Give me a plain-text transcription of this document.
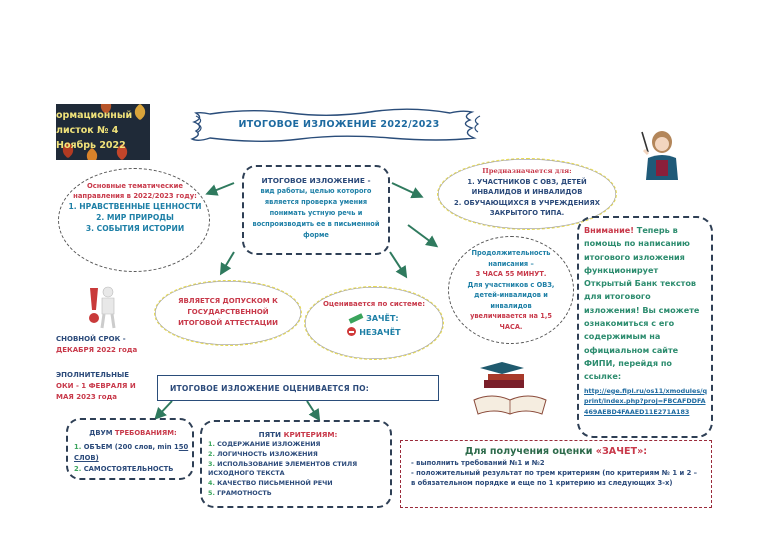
ормационный
листок № 4
Ноябрь 2022
ИТОГОВОЕ ИЗЛОЖЕНИЕ 2022/2023
Основные тематические направления в 2022/2023 году:
1. НРАВСТВЕННЫЕ ЦЕННОСТИ
2. МИР ПРИРОДЫ
3. СОБЫТИЯ ИСТОРИИ
ИТОГОВОЕ ИЗЛОЖЕНИЕ -
вид работы, целью которого является проверка умения понимать устную речь и воспроизводить ее в письменной форме
Предназначается для:
1. УЧАСТНИКОВ С ОВЗ, ДЕТЕЙ ИНВАЛИДОВ И ИНВАЛИДОВ
2. ОБУЧАЮЩИХСЯ В УЧРЕЖДЕНИЯХ ЗАКРЫТОГО ТИПА.
Продолжительность написания –
3 ЧАСА 55 МИНУТ.
Для участников с ОВЗ, детей-инвалидов и инвалидов
увеличивается на 1,5 ЧАСА.
Внимание! Теперь в помощь по написанию итогового изложения функционирует Открытый Банк текстов для итогового изложения! Вы сможете ознакомиться с его содержимым на официальном сайте ФИПИ, перейдя по ссылке:
http://ege.fipi.ru/os11/xmodules/qprint/index.php?proj=FBCAFDDFA469AEBD4FAAED11E271A183
СНОВНОЙ СРОК -
ДЕКАБРЯ 2022 года
ЭПОЛНИТЕЛЬНЫЕ
ОКИ - 1 ФЕВРАЛЯ И
МАЯ 2023 года
ЯВЛЯЕТСЯ ДОПУСКОМ К ГОСУДАРСТВЕННОЙ ИТОГОВОЙ АТТЕСТАЦИИ
Оценивается по системе:
ЗАЧЁТ:
НЕЗАЧЁТ
ИТОГОВОЕ ИЗЛОЖЕНИЕ ОЦЕНИВАЕТСЯ ПО:
ДВУМ ТРЕБОВАНИЯМ:
1. ОБЪЕМ (200 слов, min 150 СЛОВ)
2. САМОСТОЯТЕЛЬНОСТЬ
ПЯТИ КРИТЕРИЯМ:
1. СОДЕРЖАНИЕ ИЗЛОЖЕНИЯ
2. ЛОГИЧНОСТЬ ИЗЛОЖЕНИЯ
3. ИСПОЛЬЗОВАНИЕ ЭЛЕМЕНТОВ СТИЛЯ ИСХОДНОГО ТЕКСТА
4. КАЧЕСТВО ПИСЬМЕННОЙ РЕЧИ
5. ГРАМОТНОСТЬ
Для получения оценки «ЗАЧЕТ»:
- выполнить требований №1 и №2
- положительный результат по трем критериям (по критериям № 1 и 2 – в обязательном порядке и еще по 1 критерию из следующих 3-х)
